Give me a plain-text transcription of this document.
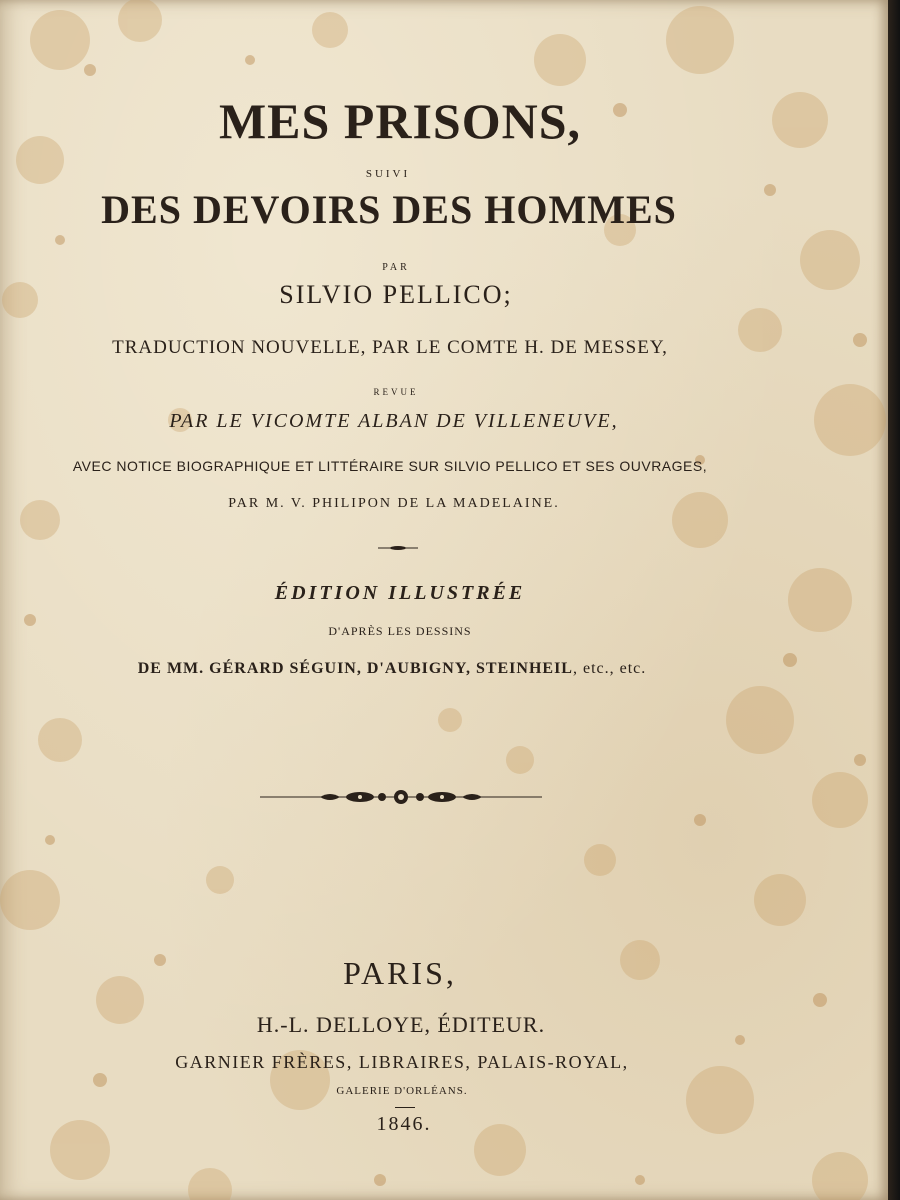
MES PRISONS,
SUIVI
DES DEVOIRS DES HOMMES
PAR
SILVIO PELLICO;
TRADUCTION NOUVELLE, PAR LE COMTE H. DE MESSEY,
REVUE
PAR LE VICOMTE ALBAN DE VILLENEUVE,
AVEC NOTICE BIOGRAPHIQUE ET LITTÉRAIRE SUR SILVIO PELLICO ET SES OUVRAGES,
PAR M. V. PHILIPON DE LA MADELAINE.
ÉDITION ILLUSTRÉE
D'APRÈS LES DESSINS
DE MM. GÉRARD SÉGUIN, D'AUBIGNY, STEINHEIL, etc., etc.
PARIS,
H.-L. DELLOYE, ÉDITEUR.
GARNIER FRÈRES, LIBRAIRES, PALAIS-ROYAL,
GALERIE D'ORLÉANS.
1846.
